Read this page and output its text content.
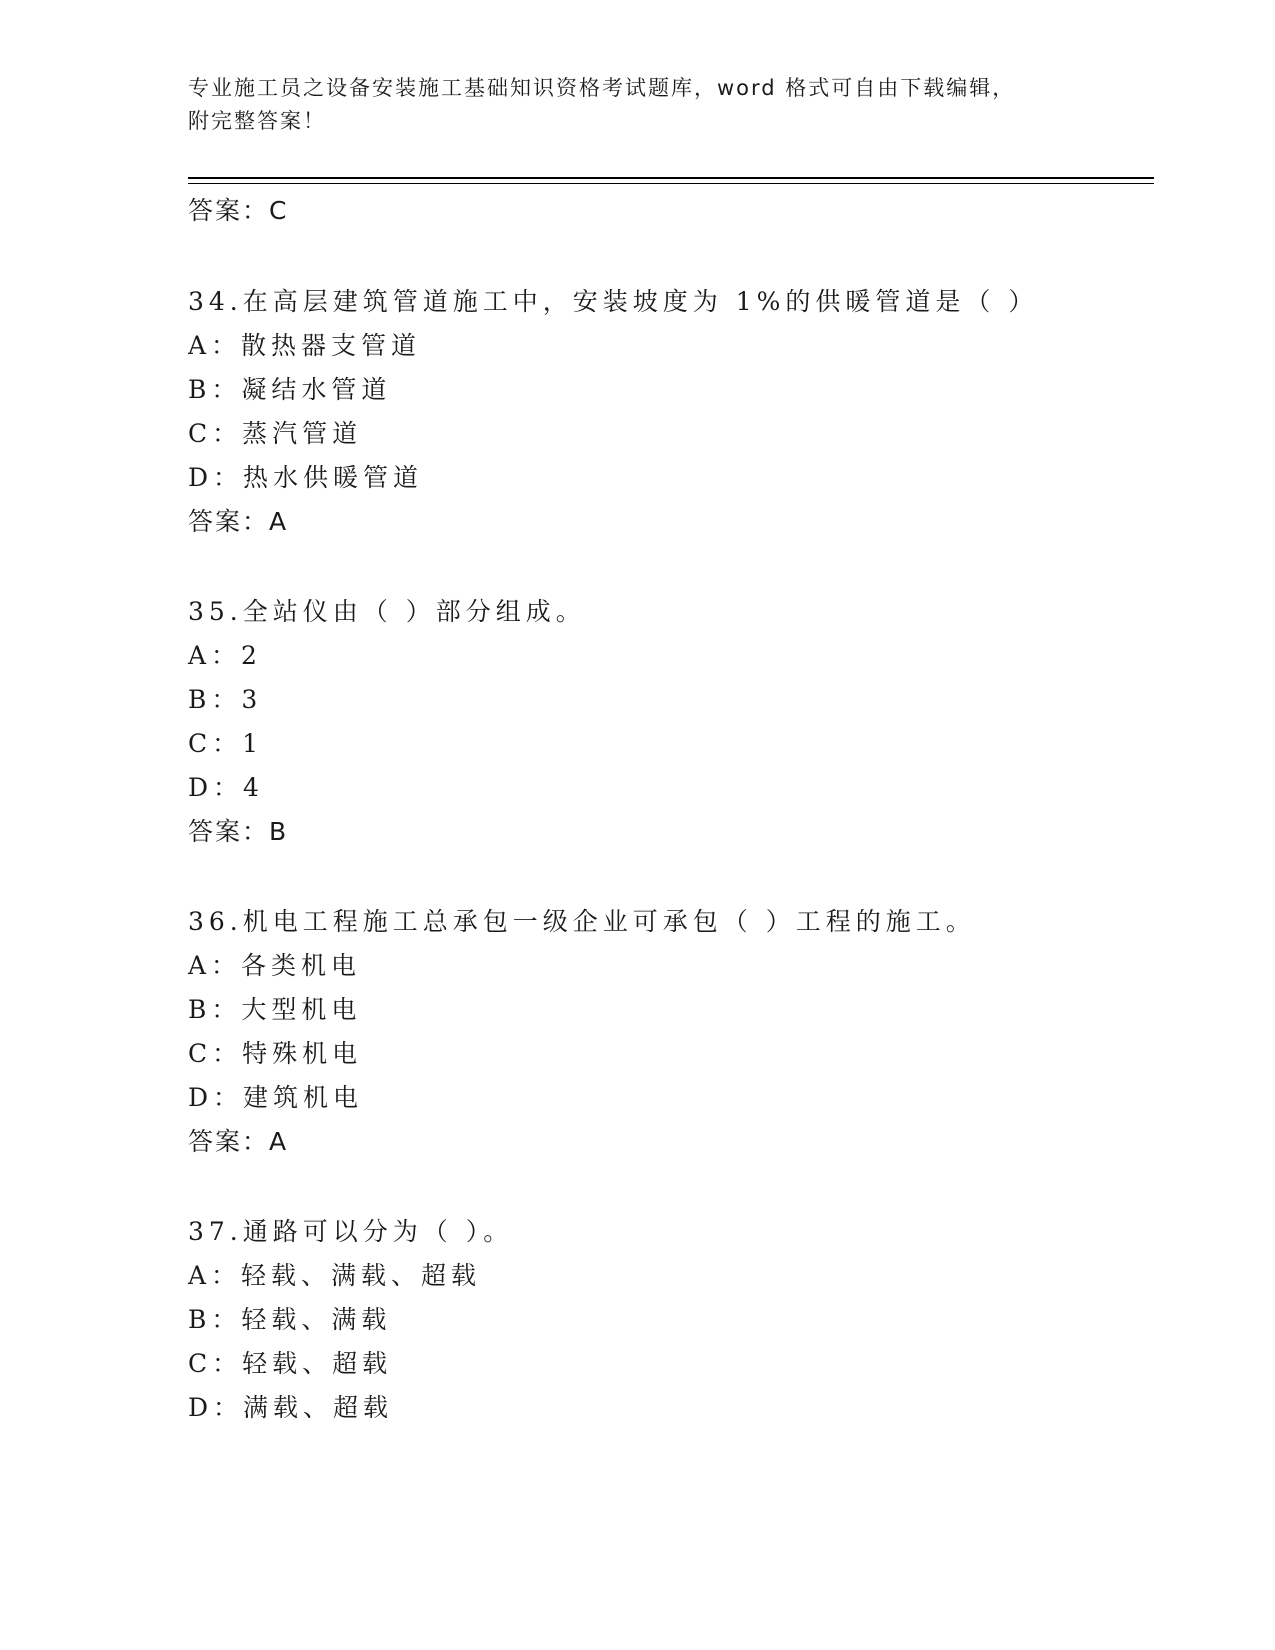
专业施工员之设备安装施工基础知识资格考试题库，word 格式可自由下载编辑，
附完整答案！
答案：C
34.在高层建筑管道施工中，安装坡度为 1%的供暖管道是（ ）
A：散热器支管道
B：凝结水管道
C：蒸汽管道
D：热水供暖管道
答案：A
35.全站仪由（ ）部分组成。
A：2
B：3
C：1
D：4
答案：B
36.机电工程施工总承包一级企业可承包（ ）工程的施工。
A：各类机电
B：大型机电
C：特殊机电
D：建筑机电
答案：A
37.通路可以分为（ ）。
A：轻载、满载、超载
B：轻载、满载
C：轻载、超载
D：满载、超载
